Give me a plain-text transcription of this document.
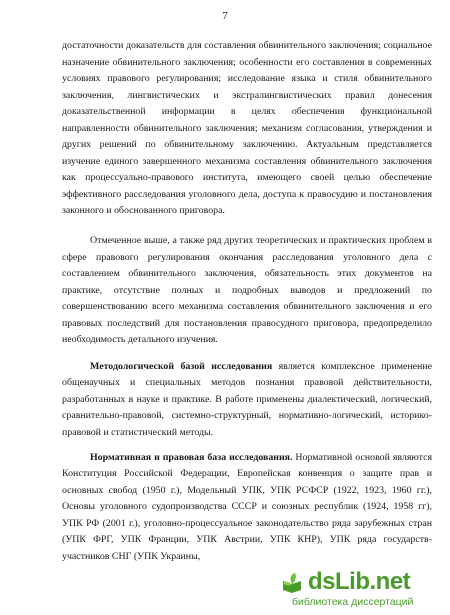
7

достаточности доказательств для составления обвинительного заключения; социальное назначение обвинительного заключения; особенности его составления в современных условиях правового регулирования; исследование языка и стиля обвинительного заключения, лингвистических и экстралингвистических правил донесения доказательственной информации в целях обеспечения функциональной направленности обвинительного заключения; механизм согласования, утверждения и других решений по обвинительному заключению. Актуальным представляется изучение единого завершенного механизма составления обвинительного заключения как процессуально-правового института, имеющего своей целью обеспечение эффективного расследования уголовного дела, доступа к правосудию и постановления законного и обоснованного приговора.

Отмеченное выше, а также ряд других теоретических и практических проблем в сфере правового регулирования окончания расследования уголовного дела с составлением обвинительного заключения, обязательность этих документов на практике, отсутствие полных и подробных выводов и предложений по совершенствованию всего механизма составления обвинительного заключения и его правовых последствий для постановления правосудного приговора, предопределило необходимость детального изучения.

Методологической базой исследования является комплексное применение общенаучных и специальных методов познания правовой действительности, разработанных в науке и практике. В работе применены диалектический, логический, сравнительно-правовой, системно-структурный, нормативно-логический, историко-правовой и статистический методы.

Нормативная и правовая база исследования. Нормативной основой являются Конституция Российской Федерации, Европейская конвенция о защите прав и основных свобод (1950 г.), Модельный УПК, УПК РСФСР (1922, 1923, 1960 гг.), Основы уголовного судопроизводства СССР и союзных республик (1924, 1958 гг), УПК РФ (2001 г.), уголовно-процессуальное законодательство ряда зарубежных стран (УПК ФРГ, УПК Франции, УПК Австрии, УПК КНР), УПК ряда государств-участников СНГ (УПК Украины,

dsLib.net
библиотека диссертаций
